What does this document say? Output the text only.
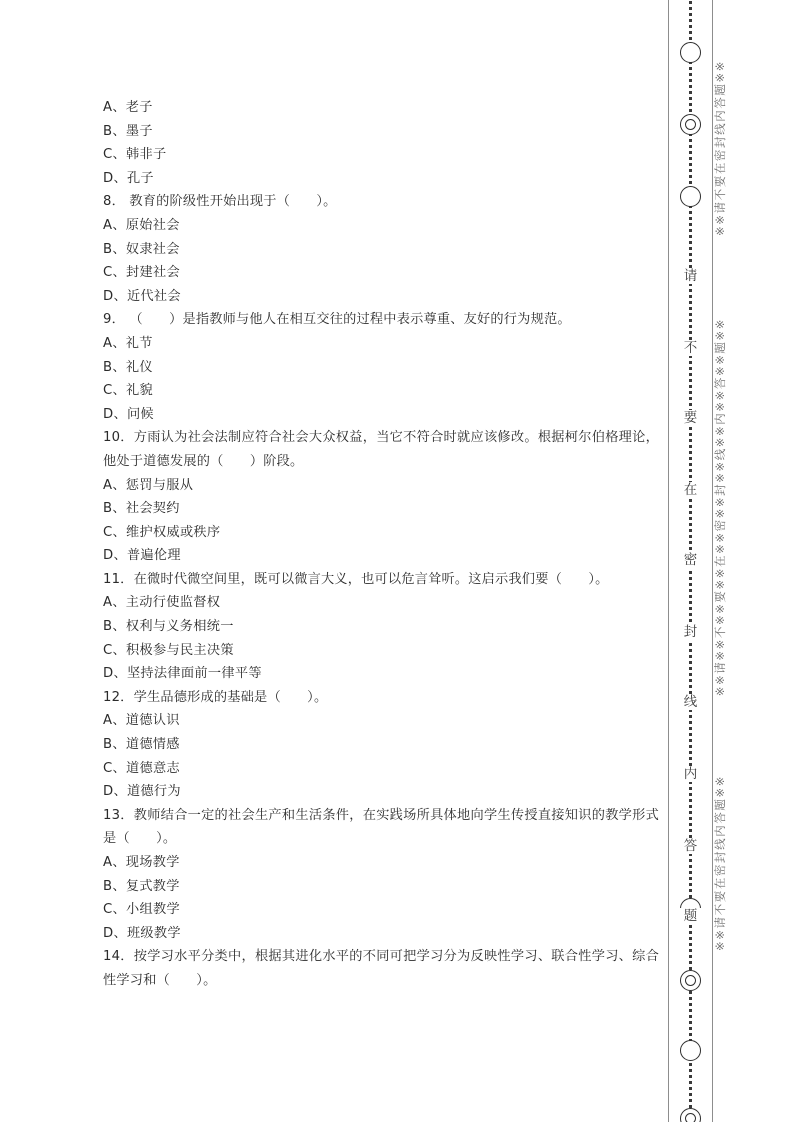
A、老子

B、墨子

C、韩非子

D、孔子

8． 教育的阶级性开始出现于（      ）。

A、原始社会

B、奴隶社会

C、封建社会

D、近代社会

9． （      ）是指教师与他人在相互交往的过程中表示尊重、友好的行为规范。

A、礼节

B、礼仪

C、礼貌

D、问候

10．方雨认为社会法制应符合社会大众权益，当它不符合时就应该修改。根据柯尔伯格理论，他处于道德发展的（      ）阶段。

A、惩罚与服从

B、社会契约

C、维护权威或秩序

D、普遍伦理

11．在微时代微空间里，既可以微言大义，也可以危言耸听。这启示我们要（      ）。

A、主动行使监督权

B、权利与义务相统一

C、积极参与民主决策

D、坚持法律面前一律平等

12．学生品德形成的基础是（      ）。

A、道德认识

B、道德情感

C、道德意志

D、道德行为

13．教师结合一定的社会生产和生活条件，在实践场所具体地向学生传授直接知识的教学形式是（      ）。

A、现场教学

B、复式教学

C、小组教学

D、班级教学

14．按学习水平分类中，根据其进化水平的不同可把学习分为反映性学习、联合性学习、综合性学习和（      ）。

请
不
要
在
密
封
线
内
答
题
※※请不要在密封线内答题※※
※※请※※不※※要※※在※※密※※封※※线※※内※※答※※题※※
※※请不要在密封线内答题※※
